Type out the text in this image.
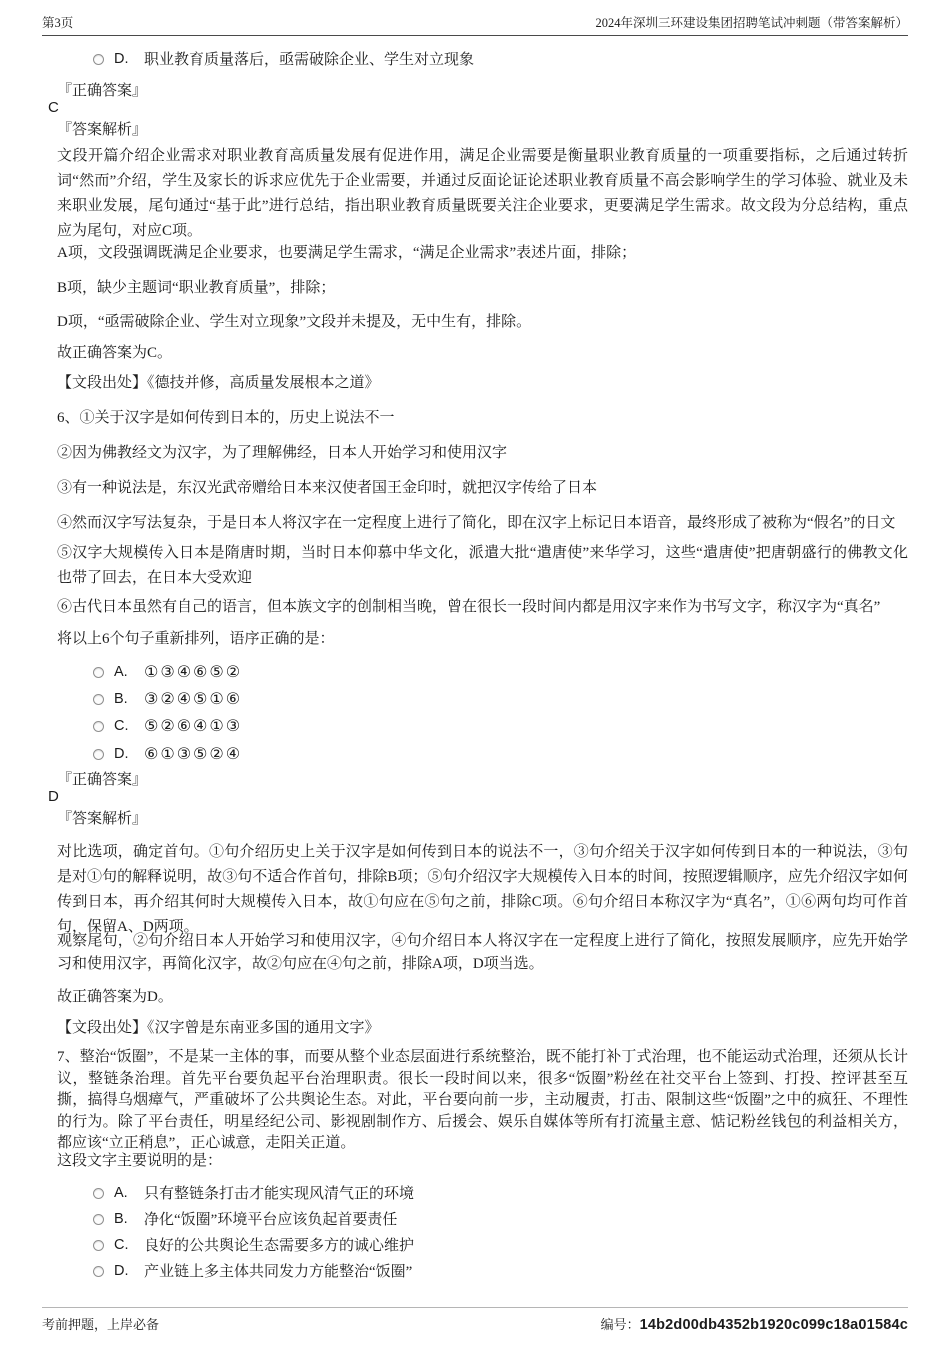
第3页	2024年深圳三环建设集团招聘笔试冲刺题（带答案解析）
D.	职业教育质量落后，亟需破除企业、学生对立现象
『正确答案』
C
『答案解析』
文段开篇介绍企业需求对职业教育高质量发展有促进作用，满足企业需要是衡量职业教育质量的一项重要指标，之后通过转折词“然而”介绍，学生及家长的诉求应优先于企业需要，并通过反面论证论述职业教育质量不高会影响学生的学习体验、就业及未来职业发展，尾句通过“基于此”进行总结，指出职业教育质量既要关注企业要求，更要满足学生需求。故文段为分总结构，重点应为尾句，对应C项。
A项，文段强调既满足企业要求，也要满足学生需求，“满足企业需求”表述片面，排除；
B项，缺少主题词“职业教育质量”，排除；
D项，“亟需破除企业、学生对立现象”文段并未提及，无中生有，排除。
故正确答案为C。
【文段出处】《德技并修，高质量发展根本之道》
6、①关于汉字是如何传到日本的，历史上说法不一
②因为佛教经文为汉字，为了理解佛经，日本人开始学习和使用汉字
③有一种说法是，东汉光武帝赠给日本来汉使者国王金印时，就把汉字传给了日本
④然而汉字写法复杂，于是日本人将汉字在一定程度上进行了简化，即在汉字上标记日本语音，最终形成了被称为“假名”的日文
⑤汉字大规模传入日本是隋唐时期，当时日本仰慕中华文化，派遣大批“遣唐使”来华学习，这些“遣唐使”把唐朝盛行的佛教文化也带了回去，在日本大受欢迎
⑥古代日本虽然有自己的语言，但本族文字的创制相当晚，曾在很长一段时间内都是用汉字来作为书写文字，称汉字为“真名”
将以上6个句子重新排列，语序正确的是：
A.	①③④⑥⑤②
B.	③②④⑤①⑥
C. ⑤②⑥④①③
D. ⑥①③⑤②④
『正确答案』
D
『答案解析』
对比选项，确定首句。①句介绍历史上关于汉字是如何传到日本的说法不一，③句介绍关于汉字如何传到日本的一种说法，③句是对①句的解释说明，故③句不适合作首句，排除B项；⑤句介绍汉字大规模传入日本的时间，按照逻辑顺序，应先介绍汉字如何传到日本，再介绍其何时大规模传入日本，故①句应在⑤句之前，排除C项。⑥句介绍日本称汉字为“真名”，①⑥两句均可作首句，保留A、D两项。
观察尾句，②句介绍日本人开始学习和使用汉字，④句介绍日本人将汉字在一定程度上进行了简化，按照发展顺序，应先开始学习和使用汉字，再简化汉字，故②句应在④句之前，排除A项，D项当选。
故正确答案为D。
【文段出处】《汉字曾是东南亚多国的通用文字》
7、整治“饭圈”，不是某一主体的事，而要从整个业态层面进行系统整治，既不能打补丁式治理，也不能运动式治理，还须从长计议，整链条治理。首先平台要负起平台治理职责。很长一段时间以来，很多“饭圈”粉丝在社交平台上签到、打投、控评甚至互撕，搞得乌烟瘴气，严重破坏了公共舆论生态。对此，平台要向前一步，主动履责，打击、限制这些“饭圈”之中的疯狂、不理性的行为。除了平台责任，明星经纪公司、影视剧制作方、后援会、娱乐自媒体等所有打流量主意、惦记粉丝钱包的利益相关方，都应该“立正稍息”，正心诚意，走阳关正道。
这段文字主要说明的是：
A.	只有整链条打击才能实现风清气正的环境
B.	净化“饭圈”环境平台应该负起首要责任
C.	良好的公共舆论生态需要多方的诚心维护
D.	产业链上多主体共同发力方能整治“饭圈”
考前押题，上岸必备	编号：14b2d00db4352b1920c099c18a01584c
